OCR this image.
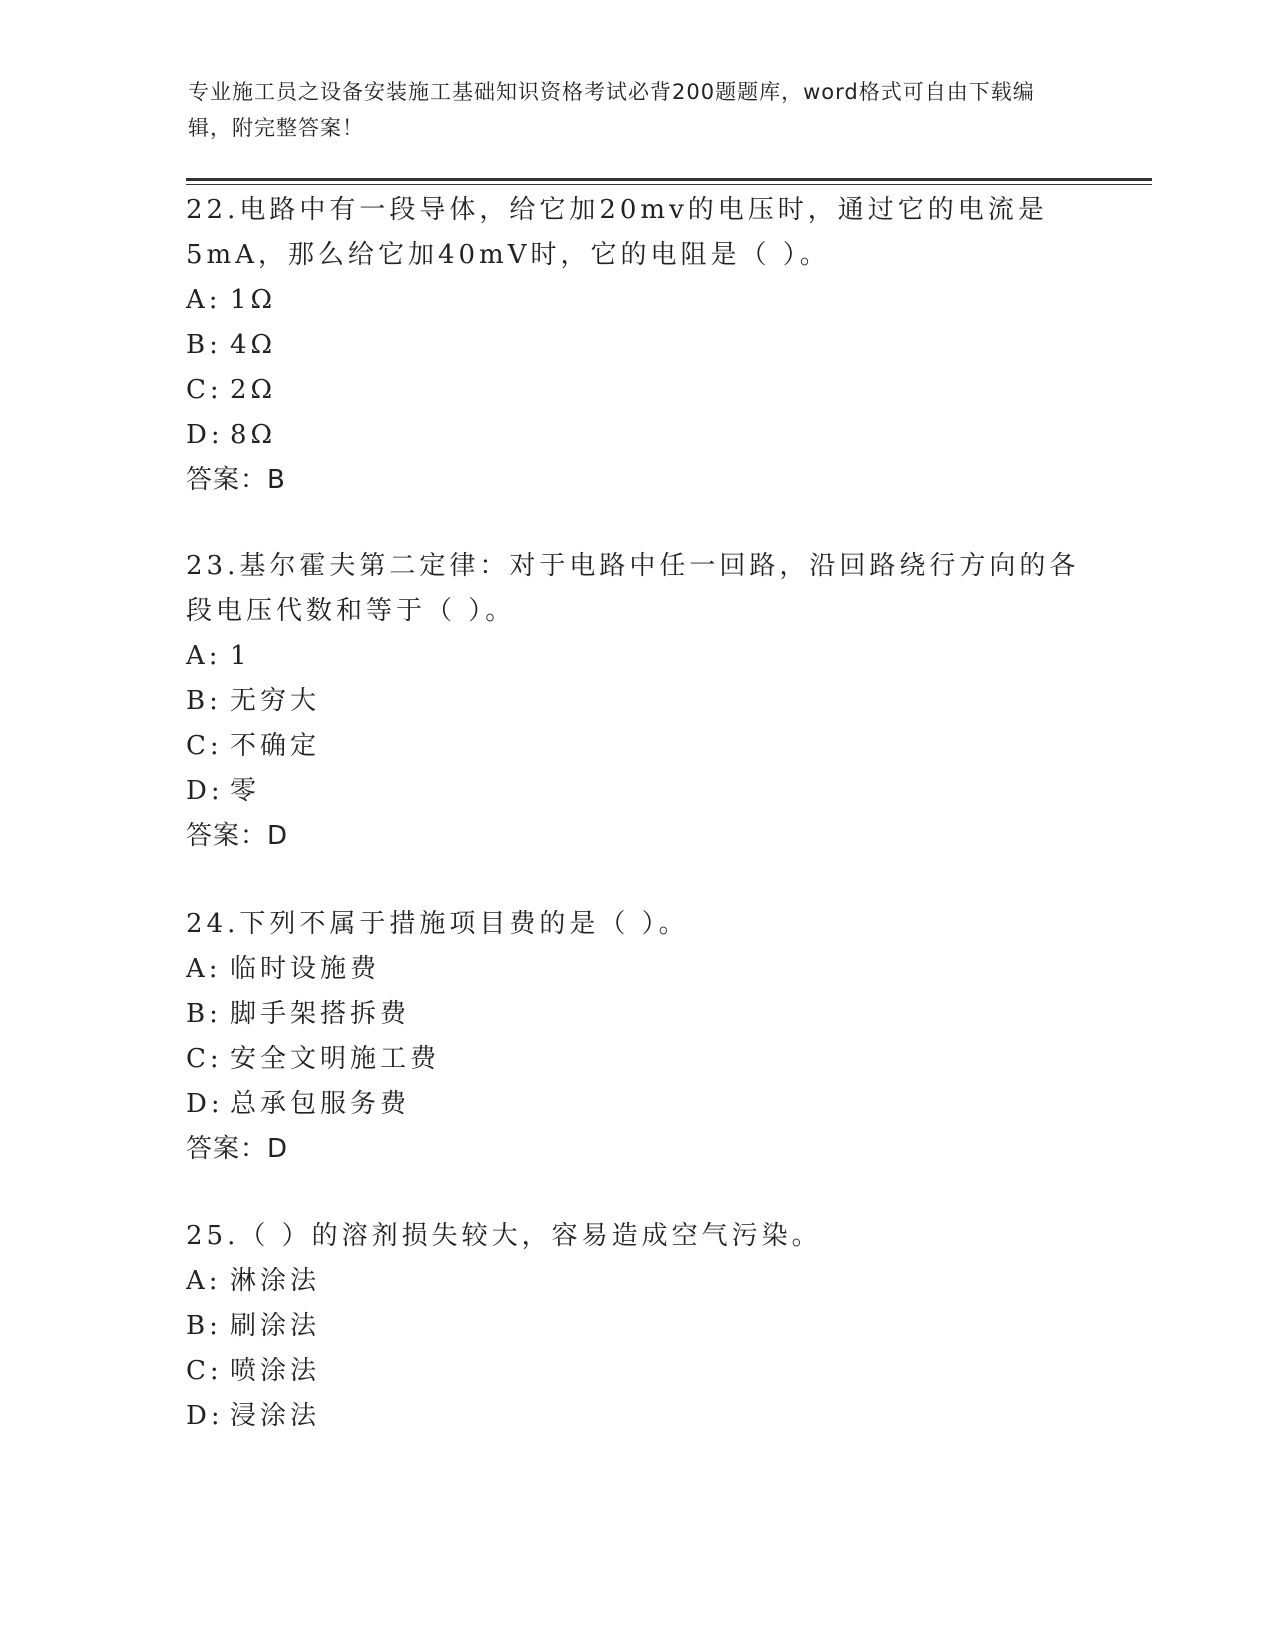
专业施工员之设备安装施工基础知识资格考试必背200题题库，word格式可自由下载编辑，附完整答案！

22.电路中有一段导体，给它加20mv的电压时，通过它的电流是5mA，那么给它加40mV时，它的电阻是（ ）。

A: 1Ω
B: 4Ω
C: 2Ω
D: 8Ω
答案：B

23.基尔霍夫第二定律：对于电路中任一回路，沿回路绕行方向的各段电压代数和等于（ ）。

A: 1
B: 无穷大
C: 不确定
D: 零
答案：D

24.下列不属于措施项目费的是（ ）。

A: 临时设施费
B: 脚手架搭拆费
C: 安全文明施工费
D: 总承包服务费
答案：D

25.（ ）的溶剂损失较大，容易造成空气污染。

A: 淋涂法
B: 刷涂法
C: 喷涂法
D: 浸涂法
